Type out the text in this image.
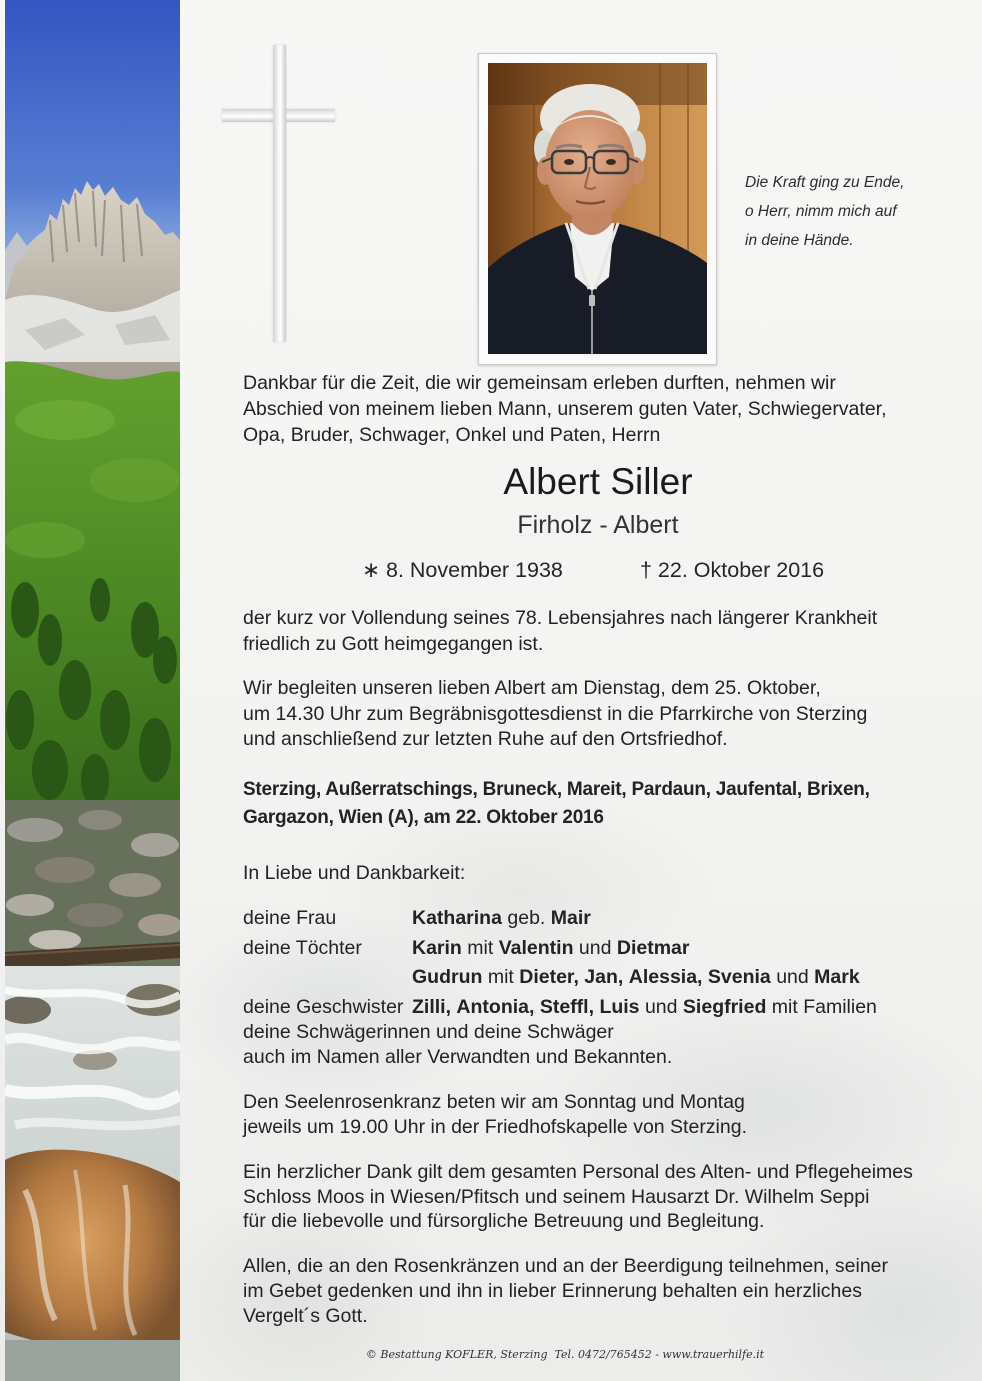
Die Kraft ging zu Ende,
o Herr, nimm mich auf
in deine Hände.
Dankbar für die Zeit, die wir gemeinsam erleben durften, nehmen wir
Abschied von meinem lieben Mann, unserem guten Vater, Schwiegervater,
Opa, Bruder, Schwager, Onkel und Paten, Herrn
Albert Siller
Firholz - Albert
∗ 8. November 1938	† 22. Oktober 2016
der kurz vor Vollendung seines 78. Lebensjahres nach längerer Krankheit
friedlich zu Gott heimgegangen ist.
Wir begleiten unseren lieben Albert am Dienstag, dem 25. Oktober,
um 14.30 Uhr zum Begräbnisgottesdienst in die Pfarrkirche von Sterzing
und anschließend zur letzten Ruhe auf den Ortsfriedhof.
Sterzing, Außerratschings, Bruneck, Mareit, Pardaun, Jaufental, Brixen,
Gargazon, Wien (A), am 22. Oktober 2016
In Liebe und Dankbarkeit:
deine Frau	Katharina geb. Mair
deine Töchter	Karin mit Valentin und Dietmar
Gudrun mit Dieter, Jan, Alessia, Svenia und Mark
deine Geschwister Zilli, Antonia, Steffl, Luis und Siegfried mit Familien
deine Schwägerinnen und deine Schwäger
auch im Namen aller Verwandten und Bekannten.
Den Seelenrosenkranz beten wir am Sonntag und Montag
jeweils um 19.00 Uhr in der Friedhofskapelle von Sterzing.
Ein herzlicher Dank gilt dem gesamten Personal des Alten- und Pflegeheimes
Schloss Moos in Wiesen/Pfitsch und seinem Hausarzt Dr. Wilhelm Seppi
für die liebevolle und fürsorgliche Betreuung und Begleitung.
Allen, die an den Rosenkränzen und an der Beerdigung teilnehmen, seiner
im Gebet gedenken und ihn in lieber Erinnerung behalten ein herzliches
Vergelt´s Gott.
© Bestattung KOFLER, Sterzing  Tel. 0472/765452 - www.trauerhilfe.it
